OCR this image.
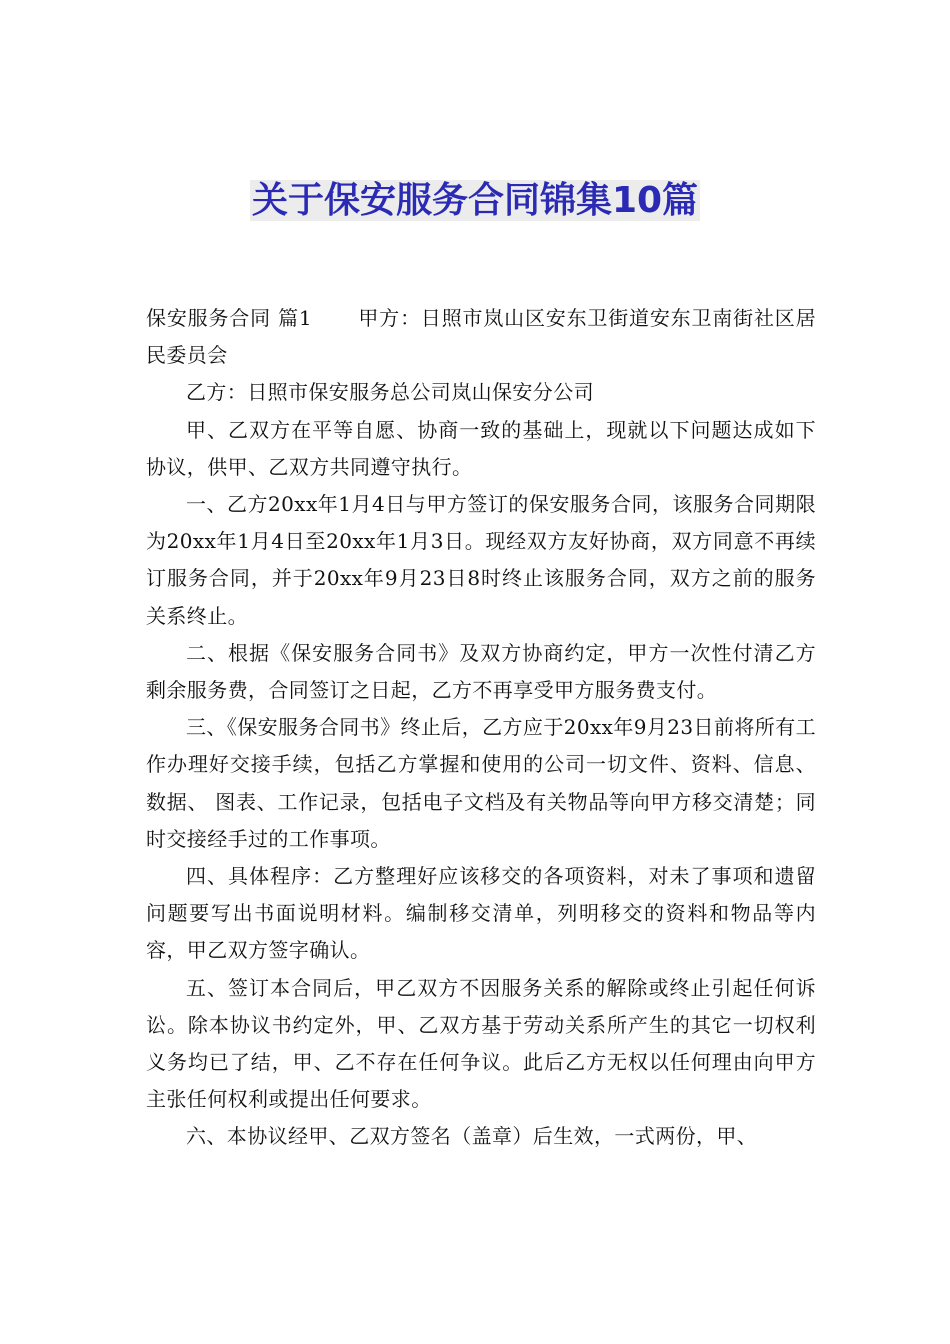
关于保安服务合同锦集10篇

保安服务合同 篇1 甲方：日照市岚山区安东卫街道安东卫南街社区居民委员会

乙方：日照市保安服务总公司岚山保安分公司

甲、乙双方在平等自愿、协商一致的基础上，现就以下问题达成如下协议，供甲、乙双方共同遵守执行。

一、乙方20xx年1月4日与甲方签订的保安服务合同，该服务合同期限为20xx年1月4日至20xx年1月3日。现经双方友好协商，双方同意不再续订服务合同，并于20xx年9月23日8时终止该服务合同，双方之前的服务关系终止。

二、根据《保安服务合同书》及双方协商约定，甲方一次性付清乙方剩余服务费，合同签订之日起，乙方不再享受甲方服务费支付。

三、《保安服务合同书》终止后，乙方应于20xx年9月23日前将所有工作办理好交接手续，包括乙方掌握和使用的公司一切文件、资料、信息、数据、 图表、工作记录，包括电子文档及有关物品等向甲方移交清楚；同时交接经手过的工作事项。

四、具体程序：乙方整理好应该移交的各项资料，对未了事项和遗留问题要写出书面说明材料。编制移交清单，列明移交的资料和物品等内容，甲乙双方签字确认。

五、签订本合同后，甲乙双方不因服务关系的解除或终止引起任何诉讼。除本协议书约定外，甲、乙双方基于劳动关系所产生的其它一切权利义务均已了结，甲、乙不存在任何争议。此后乙方无权以任何理由向甲方主张任何权利或提出任何要求。

六、本协议经甲、乙双方签名（盖章）后生效，一式两份，甲、
